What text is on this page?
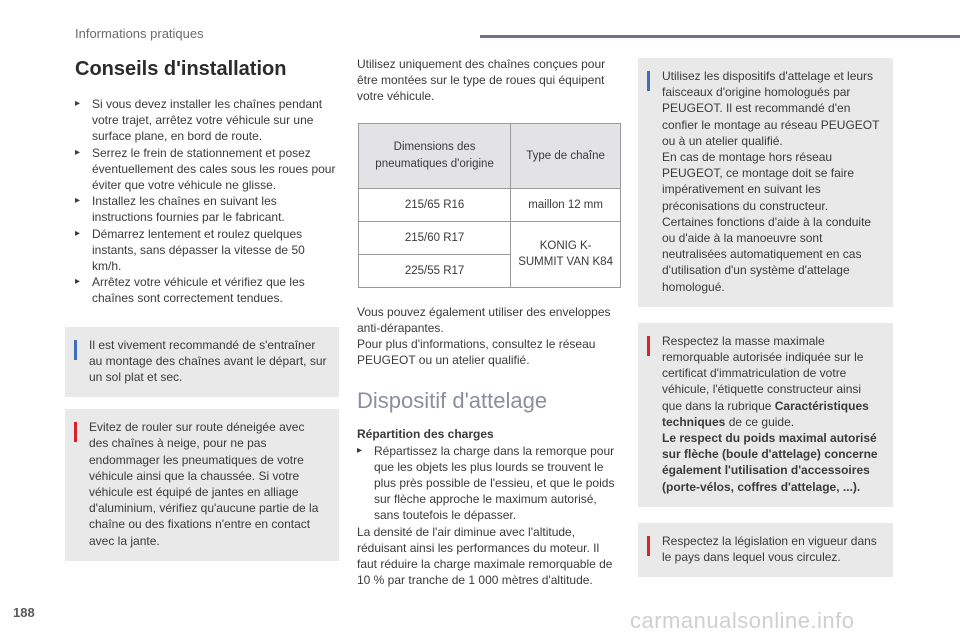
Informations pratiques
Conseils d'installation
▸ Si vous devez installer les chaînes pendant votre trajet, arrêtez votre véhicule sur une surface plane, en bord de route.
▸ Serrez le frein de stationnement et posez éventuellement des cales sous les roues pour éviter que votre véhicule ne glisse.
▸ Installez les chaînes en suivant les instructions fournies par le fabricant.
▸ Démarrez lentement et roulez quelques instants, sans dépasser la vitesse de 50 km/h.
▸ Arrêtez votre véhicule et vérifiez que les chaînes sont correctement tendues.
Il est vivement recommandé de s'entraîner au montage des chaînes avant le départ, sur un sol plat et sec.
Evitez de rouler sur route déneigée avec des chaînes à neige, pour ne pas endommager les pneumatiques de votre véhicule ainsi que la chaussée. Si votre véhicule est équipé de jantes en alliage d'aluminium, vérifiez qu'aucune partie de la chaîne ou des fixations n'entre en contact avec la jante.

Utilisez uniquement des chaînes conçues pour être montées sur le type de roues qui équipent votre véhicule.

Dimensions des pneumatiques d'origine	Type de chaîne
215/65 R16	maillon 12 mm
215/60 R17	KONIG K-SUMMIT VAN K84
225/55 R17	

Vous pouvez également utiliser des enveloppes anti-dérapantes.

Pour plus d'informations, consultez le réseau PEUGEOT ou un atelier qualifié.

Dispositif d'attelage
Répartition des charges
▸ Répartissez la charge dans la remorque pour que les objets les plus lourds se trouvent le plus près possible de l'essieu, et que le poids sur flèche approche le maximum autorisé, sans toutefois le dépasser.

La densité de l'air diminue avec l'altitude, réduisant ainsi les performances du moteur. Il faut réduire la charge maximale remorquable de 10 % par tranche de 1 000 mètres d'altitude.

Utilisez les dispositifs d'attelage et leurs faisceaux d'origine homologués par PEUGEOT. Il est recommandé d'en confier le montage au réseau PEUGEOT ou à un atelier qualifié.
En cas de montage hors réseau PEUGEOT, ce montage doit se faire impérativement en suivant les préconisations du constructeur.
Certaines fonctions d'aide à la conduite ou d'aide à la manoeuvre sont neutralisées automatiquement en cas d'utilisation d'un système d'attelage homologué.
Respectez la masse maximale remorquable autorisée indiquée sur le certificat d'immatriculation de votre véhicule, l'étiquette constructeur ainsi que dans la rubrique Caractéristiques techniques de ce guide.
Le respect du poids maximal autorisé sur flèche (boule d'attelage) concerne également l'utilisation d'accessoires (porte-vélos, coffres d'attelage, ...).
Respectez la législation en vigueur dans le pays dans lequel vous circulez.
188	carmanualsonline.info
